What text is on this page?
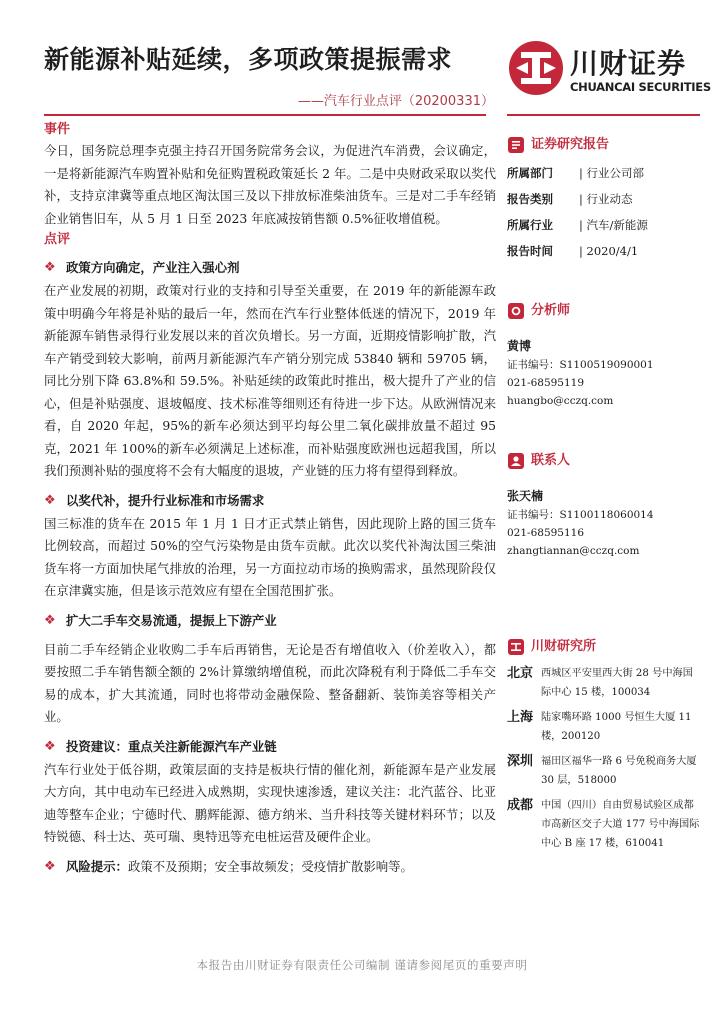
新能源补贴延续，多项政策提振需求
——汽车行业点评（20200331）
川财证券
CHUANCAI SECURITIES
事件

今日，国务院总理李克强主持召开国务院常务会议，为促进汽车消费，会议确定，一是将新能源汽车购置补贴和免征购置税政策延长 2 年。二是中央财政采取以奖代补，支持京津冀等重点地区淘汰国三及以下排放标准柴油货车。三是对二手车经销企业销售旧车，从 5 月 1 日至 2023 年底减按销售额 0.5%征收增值税。

点评
❖ 政策方向确定，产业注入强心剂

在产业发展的初期，政策对行业的支持和引导至关重要，在 2019 年的新能源车政策中明确今年将是补贴的最后一年，然而在汽车行业整体低迷的情况下，2019 年新能源车销售录得行业发展以来的首次负增长。另一方面，近期疫情影响扩散，汽车产销受到较大影响，前两月新能源汽车产销分别完成 53840 辆和 59705 辆，同比分别下降 63.8%和 59.5%。补贴延续的政策此时推出，极大提升了产业的信心，但是补贴强度、退坡幅度、技术标准等细则还有待进一步下达。从欧洲情况来看，自 2020 年起，95%的新车必须达到平均每公里二氧化碳排放量不超过 95 克，2021 年 100%的新车必须满足上述标准，而补贴强度欧洲也远超我国，所以我们预测补贴的强度将不会有大幅度的退坡，产业链的压力将有望得到释放。

❖ 以奖代补，提升行业标准和市场需求

国三标准的货车在 2015 年 1 月 1 日才正式禁止销售，因此现阶上路的国三货车比例较高，而超过 50%的空气污染物是由货车贡献。此次以奖代补淘汰国三柴油货车将一方面加快尾气排放的治理，另一方面拉动市场的换购需求，虽然现阶段仅在京津冀实施，但是该示范效应有望在全国范围扩张。

❖ 扩大二手车交易流通，提振上下游产业

目前二手车经销企业收购二手车后再销售，无论是否有增值收入（价差收入），都要按照二手车销售额全额的 2%计算缴纳增值税，而此次降税有利于降低二手车交易的成本，扩大其流通，同时也将带动金融保险、整备翻新、装饰美容等相关产业。

❖ 投资建议：重点关注新能源汽车产业链

汽车行业处于低谷期，政策层面的支持是板块行情的催化剂，新能源车是产业发展大方向，其中电动车已经进入成熟期，实现快速渗透，建议关注：北汽蓝谷、比亚迪等整车企业；宁德时代、鹏辉能源、德方纳米、当升科技等关键材料环节；以及特锐德、科士达、英可瑞、奥特迅等充电桩运营及硬件企业。

❖ 风险提示： 政策不及预期；安全事故频发；受疫情扩散影响等。
证券研究报告
所属部门	| 行业公司部
报告类别	| 行业动态
所属行业	| 汽车/新能源
报告时间	| 2020/4/1
分析师
黄博
证书编号：S1100519090001
021-68595119
huangbo@cczq.com
联系人
张天楠
证书编号：S1100118060014
021-68595116
zhangtiannan@cczq.com
川财研究所
北京 西城区平安里西大街 28 号中海国际中心 15 楼，100034
上海 陆家嘴环路 1000 号恒生大厦 11 楼，200120
深圳 福田区福华一路 6 号免税商务大厦 30 层，518000
成都 中国（四川）自由贸易试验区成都市高新区交子大道 177 号中海国际中心 B 座 17 楼，610041
本报告由川财证券有限责任公司编制 谨请参阅尾页的重要声明
